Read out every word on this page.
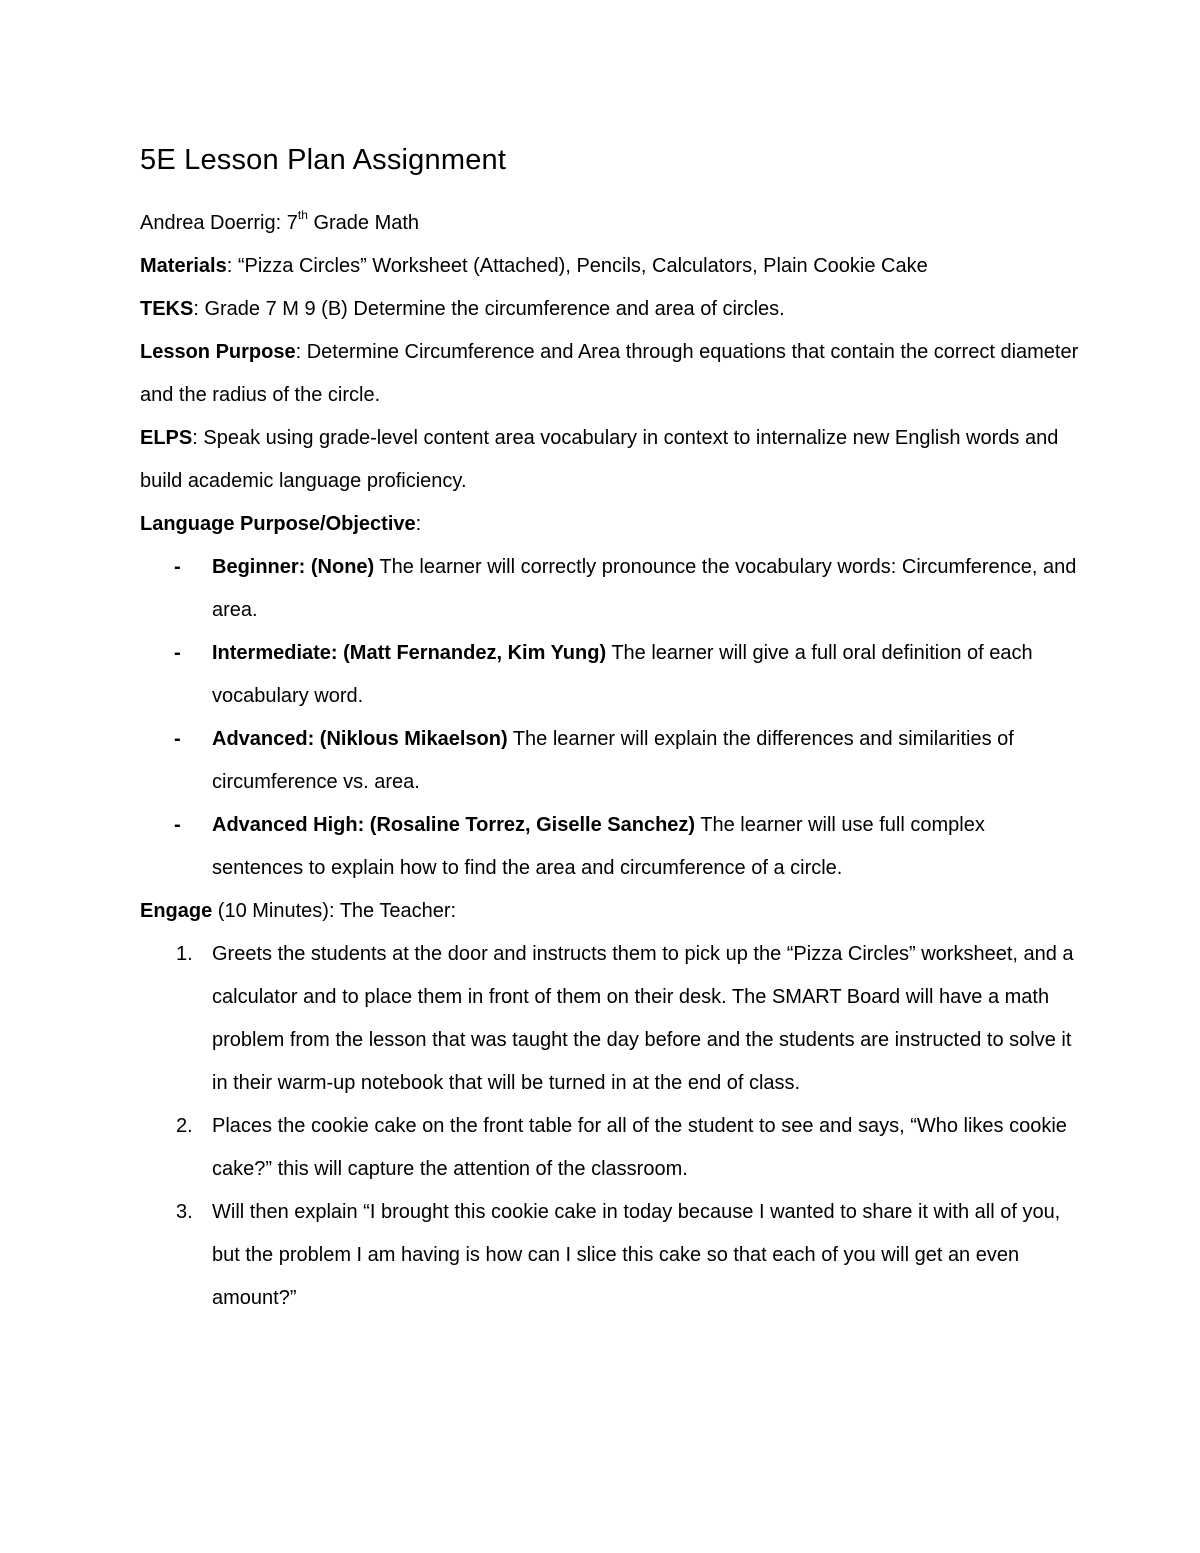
5E Lesson Plan Assignment

Andrea Doerrig: 7th Grade Math

Materials: “Pizza Circles” Worksheet (Attached), Pencils, Calculators, Plain Cookie Cake

TEKS: Grade 7 M 9 (B) Determine the circumference and area of circles.

Lesson Purpose: Determine Circumference and Area through equations that contain the correct diameter and the radius of the circle.

ELPS: Speak using grade-level content area vocabulary in context to internalize new English words and build academic language proficiency.

Language Purpose/Objective:

- Beginner: (None) The learner will correctly pronounce the vocabulary words: Circumference, and area.
- Intermediate: (Matt Fernandez, Kim Yung) The learner will give a full oral definition of each vocabulary word.
- Advanced: (Niklous Mikaelson) The learner will explain the differences and similarities of circumference vs. area.
- Advanced High: (Rosaline Torrez, Giselle Sanchez) The learner will use full complex sentences to explain how to find the area and circumference of a circle.

Engage (10 Minutes): The Teacher:

1. Greets the students at the door and instructs them to pick up the “Pizza Circles” worksheet, and a calculator and to place them in front of them on their desk. The SMART Board will have a math problem from the lesson that was taught the day before and the students are instructed to solve it in their warm-up notebook that will be turned in at the end of class.
2. Places the cookie cake on the front table for all of the student to see and says, “Who likes cookie cake?” this will capture the attention of the classroom.
3. Will then explain “I brought this cookie cake in today because I wanted to share it with all of you, but the problem I am having is how can I slice this cake so that each of you will get an even amount?”
